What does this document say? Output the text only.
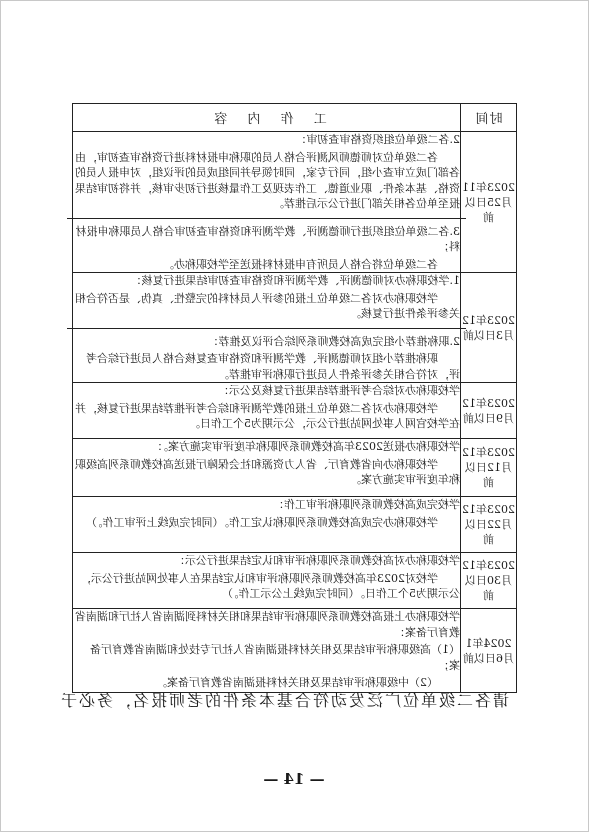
时间	工 作 内 容
2023年11月25日以前	2.各二级单位组织资格审查初审：

各二级单位对师德师风测评合格人员的职称申报材料进行资格审查初审，由各部门成立审查小组，同行专家，同时领导并同组成员的评议组，对申报人员的资格、基本条件、职业道德、工作表现及工作量核进行初步审核，并将初审结果报至单位各相关部门进行公示后推荐。

3.各二级单位组织进行师德测评、教学测评和资格审查初审合格人员职称申报材料；

各二级单位将合格人员所有申报材料报送至学校职称办。

2023年12月3日以前	1.学校职称办对师德测评、教学测评和资格审查初审结果进行复核：

学校职称办对各二级单位上报的参评人员材料的完整性、真伪、是否符合相关参评条件进行复核。

2.职称推荐小组完成高校教师系列综合评议及推荐：

职称推荐小组对师德测评、教学测评和资格审查复核合格人员进行综合考评，对符合相关参评条件人员进行职称评审推荐。

2023年12月9日以前	学校职称办对综合考评推荐结果进行复核及公示：

学校职称办对各二级单位上报的教学测评和综合考评推荐结果进行复核，并在学校官网人事处网站进行公示，公示期为5个工作日。

2023年12月12日以前	学校职称办报送2023年高校教师系列职称年度评审实施方案。：

学校职称办向省教育厅、省人力资源和社会保障厅报送高校教师系列高级职称年度评审实施方案。

2023年12月22日以前	学校完成高校教师系列职称评审工作：

学校职称办完成高校教师系列职称认定工作。（同时完成线上评审工作。）

2023年12月30日以前	学校职称办对高校教师系列职称评审和认定结果进行公示：

学校对2023年高校教师系列职称评审和认定结果在人事处网站进行公示，公示期为5个工作日。（同时完成线上公示工作。）

2024年1月6日以前	学校职称办上报高校教师系列职称评审结果和相关材料到湖南省人社厅和湖南省教育厅备案：

（1）高级职称评审结果及相关材料报湖南省人社厅专技处和湖南省教育厅备案；

（2）中级职称评审结果及相关材料报湖南省教育厅备案。

请各二级单位广泛发动符合基本条件的老师报名，务必于
— 14 —
